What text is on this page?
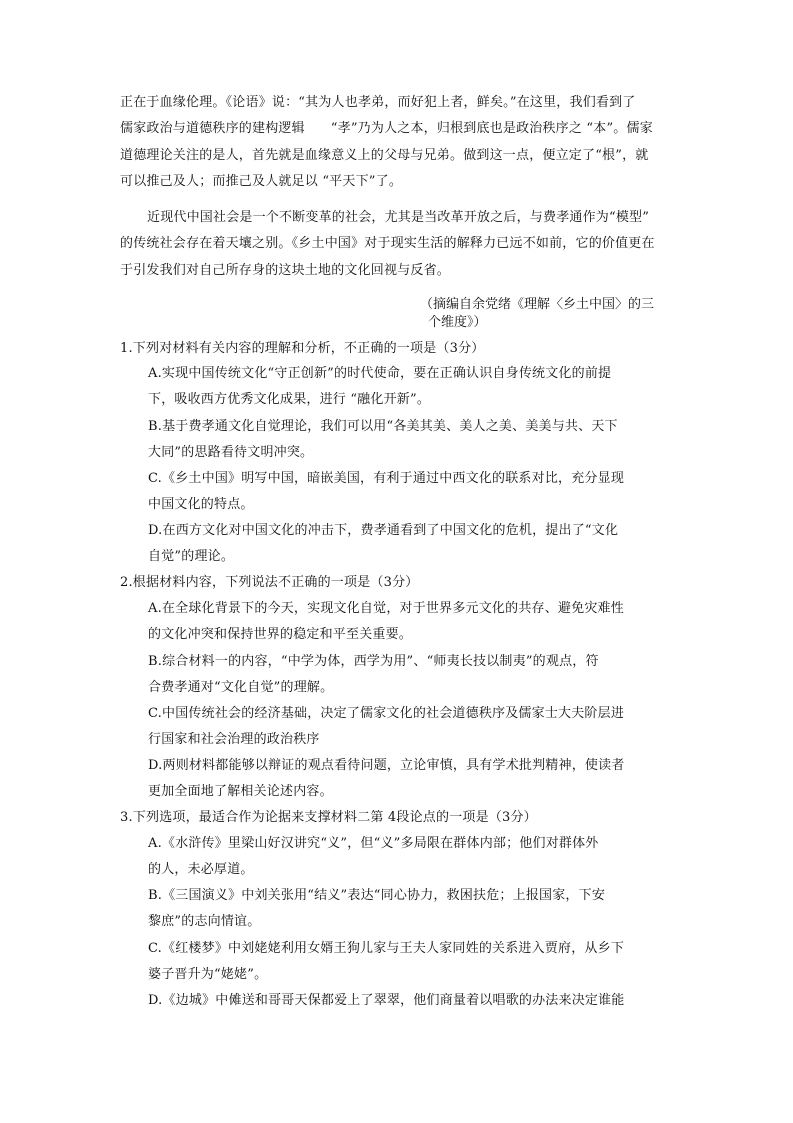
正在于血缘伦理。《论语》说：“其为人也孝弟，而好犯上者，鲜矣。”在这里，我们看到了
儒家政治与道德秩序的建构逻辑      “孝”乃为人之本，归根到底也是政治秩序之 “本”。儒家
道德理论关注的是人，首先就是血缘意义上的父母与兄弟。做到这一点，便立定了“根”，就
可以推己及人；而推己及人就足以 “平天下”了。
近现代中国社会是一个不断变革的社会，尤其是当改革开放之后，与费孝通作为“模型”
的传统社会存在着天壤之别。《乡土中国》对于现实生活的解释力已远不如前，它的价值更在
于引发我们对自己所存身的这块土地的文化回视与反省。
（摘编自余党绪《理解〈乡土中国〉的三
个维度》）
1.下列对材料有关内容的理解和分析，不正确的一项是（3分）
A.实现中国传统文化“守正创新”的时代使命，要在正确认识自身传统文化的前提
下，吸收西方优秀文化成果，进行 “融化开新”。
B.基于费孝通文化自觉理论，我们可以用“各美其美、美人之美、美美与共、天下
大同”的思路看待文明冲突。
C.《乡土中国》明写中国，暗嵌美国，有利于通过中西文化的联系对比，充分显现
中国文化的特点。
D.在西方文化对中国文化的冲击下，费孝通看到了中国文化的危机，提出了“文化
自觉”的理论。
2.根据材料内容，下列说法不正确的一项是（3分）
A.在全球化背景下的今天，实现文化自觉，对于世界多元文化的共存、避免灾难性
的文化冲突和保持世界的稳定和平至关重要。
B.综合材料一的内容，“中学为体，西学为用”、“师夷长技以制夷”的观点，符
合费孝通对“文化自觉”的理解。
C.中国传统社会的经济基础，决定了儒家文化的社会道德秩序及儒家士大夫阶层进
行国家和社会治理的政治秩序
D.两则材料都能够以辩证的观点看待问题，立论审慎，具有学术批判精神，使读者
更加全面地了解相关论述内容。
3.下列选项，最适合作为论据来支撑材料二第 4段论点的一项是（3分）
A.《水浒传》里梁山好汉讲究“义”，但“义”多局限在群体内部；他们对群体外
的人，未必厚道。
B.《三国演义》中刘关张用“结义”表达“同心协力，救困扶危；上报国家，下安
黎庶”的志向情谊。
C.《红楼梦》中刘姥姥利用女婿王狗儿家与王夫人家同姓的关系进入贾府，从乡下
婆子晋升为“姥姥”。
D.《边城》中傩送和哥哥天保都爱上了翠翠，他们商量着以唱歌的办法来决定谁能
